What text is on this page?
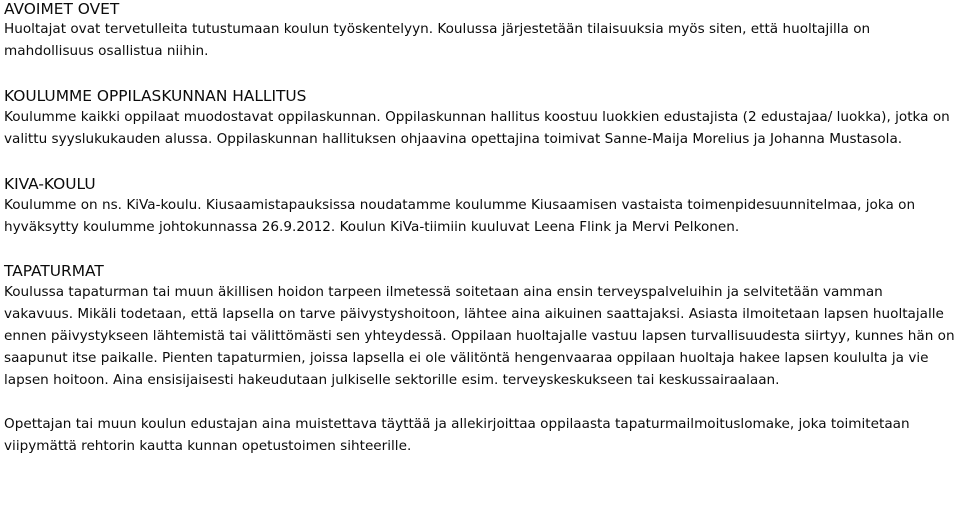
AVOIMET OVET

Huoltajat ovat tervetulleita tutustumaan koulun työskentelyyn. Koulussa järjestetään tilaisuuksia myös siten, että huoltajilla on mahdollisuus osallistua niihin.

KOULUMME OPPILASKUNNAN HALLITUS

Koulumme kaikki oppilaat muodostavat oppilaskunnan. Oppilaskunnan hallitus koostuu luokkien edustajista (2 edustajaa/ luokka), jotka on valittu syyslukukauden alussa. Oppilaskunnan hallituksen ohjaavina opettajina toimivat Sanne-Maija Morelius ja Johanna Mustasola.

KIVA-KOULU

Koulumme on ns. KiVa-koulu. Kiusaamistapauksissa noudatamme koulumme Kiusaamisen vastaista toimenpidesuunnitelmaa, joka on hyväksytty koulumme johtokunnassa 26.9.2012. Koulun KiVa-tiimiin kuuluvat Leena Flink ja Mervi Pelkonen.

TAPATURMAT

Koulussa tapaturman tai muun äkillisen hoidon tarpeen ilmetessä soitetaan aina ensin terveyspalveluihin ja selvitetään vamman vakavuus. Mikäli todetaan, että lapsella on tarve päivystyshoitoon, lähtee aina aikuinen saattajaksi. Asiasta ilmoitetaan lapsen huoltajalle ennen päivystykseen lähtemistä tai välittömästi sen yhteydessä. Oppilaan huoltajalle vastuu lapsen turvallisuudesta siirtyy, kunnes hän on saapunut itse paikalle. Pienten tapaturmien, joissa lapsella ei ole välitöntä hengenvaaraa oppilaan huoltaja hakee lapsen koululta ja vie lapsen hoitoon. Aina ensisijaisesti hakeudutaan julkiselle sektorille esim. terveyskeskukseen tai keskussairaalaan.

Opettajan tai muun koulun edustajan aina muistettava täyttää ja allekirjoittaa oppilaasta tapaturmailmoituslomake, joka toimitetaan viipymättä rehtorin kautta kunnan opetustoimen sihteerille.
